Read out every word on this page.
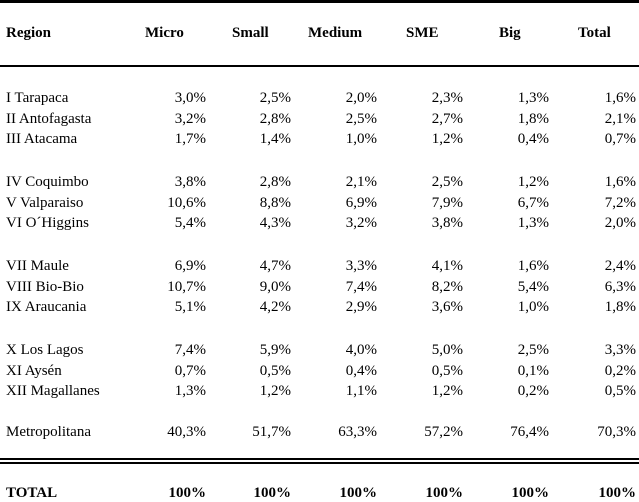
Region	Micro	Small	Medium	SME	Big	Total
I Tarapaca	3,0%	2,5%	2,0%	2,3%	1,3%	1,6%
II Antofagasta	3,2%	2,8%	2,5%	2,7%	1,8%	2,1%
III Atacama	1,7%	1,4%	1,0%	1,2%	0,4%	0,7%
IV Coquimbo	3,8%	2,8%	2,1%	2,5%	1,2%	1,6%
V Valparaiso	10,6%	8,8%	6,9%	7,9%	6,7%	7,2%
VI O´Higgins	5,4%	4,3%	3,2%	3,8%	1,3%	2,0%
VII Maule	6,9%	4,7%	3,3%	4,1%	1,6%	2,4%
VIII Bio-Bio	10,7%	9,0%	7,4%	8,2%	5,4%	6,3%
IX Araucania	5,1%	4,2%	2,9%	3,6%	1,0%	1,8%
X Los Lagos	7,4%	5,9%	4,0%	5,0%	2,5%	3,3%
XI Aysén	0,7%	0,5%	0,4%	0,5%	0,1%	0,2%
XII Magallanes	1,3%	1,2%	1,1%	1,2%	0,2%	0,5%
Metropolitana	40,3%	51,7%	63,3%	57,2%	76,4%	70,3%
TOTAL	100%	100%	100%	100%	100%	100%
